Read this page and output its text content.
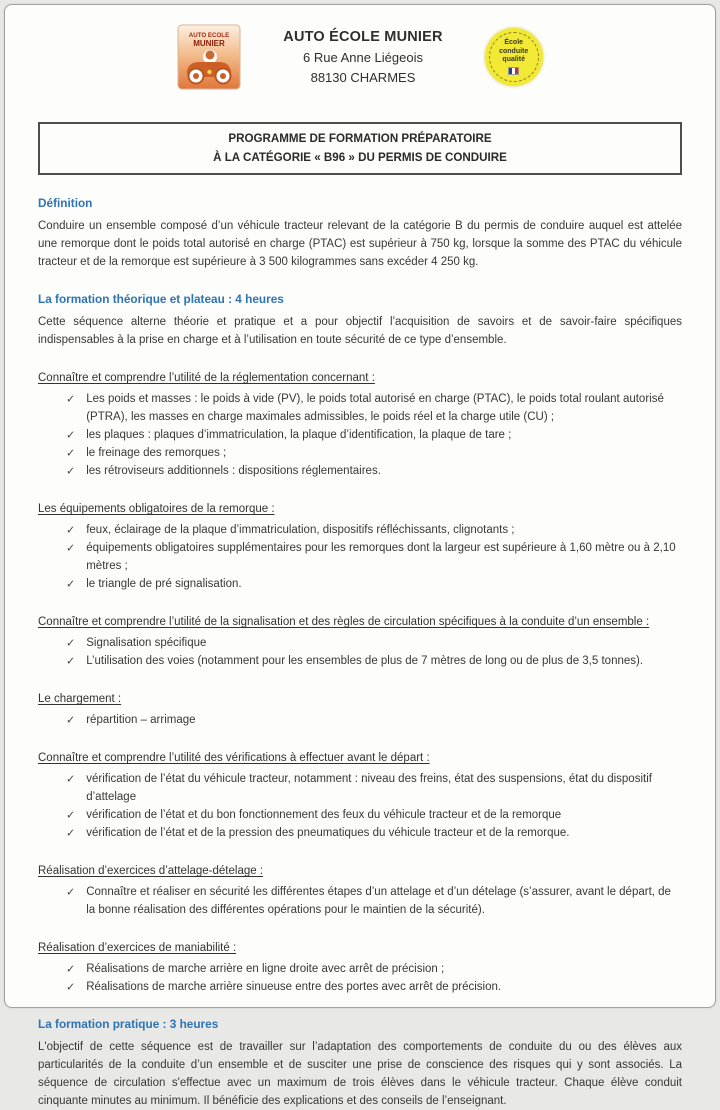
AUTO ECOLE
MUNIER	AUTO ÉCOLE MUNIER
6 Rue Anne Liégeois
88130 CHARMES
École
conduite
qualité
PROGRAMME DE FORMATION PRÉPARATOIRE
À LA CATÉGORIE « B96 » DU PERMIS DE CONDUIRE
Définition

Conduire un ensemble composé d’un véhicule tracteur relevant de la catégorie B du permis de conduire auquel est attelée une remorque dont le poids total autorisé en charge (PTAC) est supérieur à 750 kg, lorsque la somme des PTAC du véhicule tracteur et de la remorque est supérieure à 3 500 kilogrammes sans excéder 4 250 kg.

La formation théorique et plateau : 4 heures

Cette séquence alterne théorie et pratique et a pour objectif l’acquisition de savoirs et de savoir-faire spécifiques indispensables à la prise en charge et à l’utilisation en toute sécurité de ce type d’ensemble.

Connaître et comprendre l’utilité de la réglementation concernant :
✓ Les poids et masses : le poids à vide (PV), le poids total autorisé en charge (PTAC), le poids total roulant autorisé (PTRA), les masses en charge maximales admissibles, le poids réel et la charge utile (CU) ;
✓ les plaques : plaques d’immatriculation, la plaque d’identification, la plaque de tare ;
✓ le freinage des remorques ;
✓ les rétroviseurs additionnels : dispositions réglementaires.
Les équipements obligatoires de la remorque :
✓ feux, éclairage de la plaque d’immatriculation, dispositifs réfléchissants, clignotants ;
✓ équipements obligatoires supplémentaires pour les remorques dont la largeur est supérieure à 1,60 mètre ou à 2,10 mètres ;
✓ le triangle de pré signalisation.
Connaître et comprendre l’utilité de la signalisation et des règles de circulation spécifiques à la conduite d’un ensemble :
✓ Signalisation spécifique
✓ L’utilisation des voies (notamment pour les ensembles de plus de 7 mètres de long ou de plus de 3,5 tonnes).
Le chargement :
✓ répartition – arrimage
Connaître et comprendre l’utilité des vérifications à effectuer avant le départ :
✓ vérification de l’état du véhicule tracteur, notamment : niveau des freins, état des suspensions, état du dispositif d’attelage
✓ vérification de l’état et du bon fonctionnement des feux du véhicule tracteur et de la remorque
✓ vérification de l’état et de la pression des pneumatiques du véhicule tracteur et de la remorque.
Réalisation d’exercices d’attelage-dételage :
✓ Connaître et réaliser en sécurité les différentes étapes d’un attelage et d’un dételage (s’assurer, avant le départ, de la bonne réalisation des différentes opérations pour le maintien de la sécurité).
Réalisation d’exercices de maniabilité :
✓ Réalisations de marche arrière en ligne droite avec arrêt de précision ;
✓ Réalisations de marche arrière sinueuse entre des portes avec arrêt de précision.
La formation pratique : 3 heures

L'objectif de cette séquence est de travailler sur l’adaptation des comportements de conduite du ou des élèves aux particularités de la conduite d’un ensemble et de susciter une prise de conscience des risques qui y sont associés. La séquence de circulation s'effectue avec un maximum de trois élèves dans le véhicule tracteur. Chaque élève conduit cinquante minutes au minimum. Il bénéficie des explications et des conseils de l’enseignant.
